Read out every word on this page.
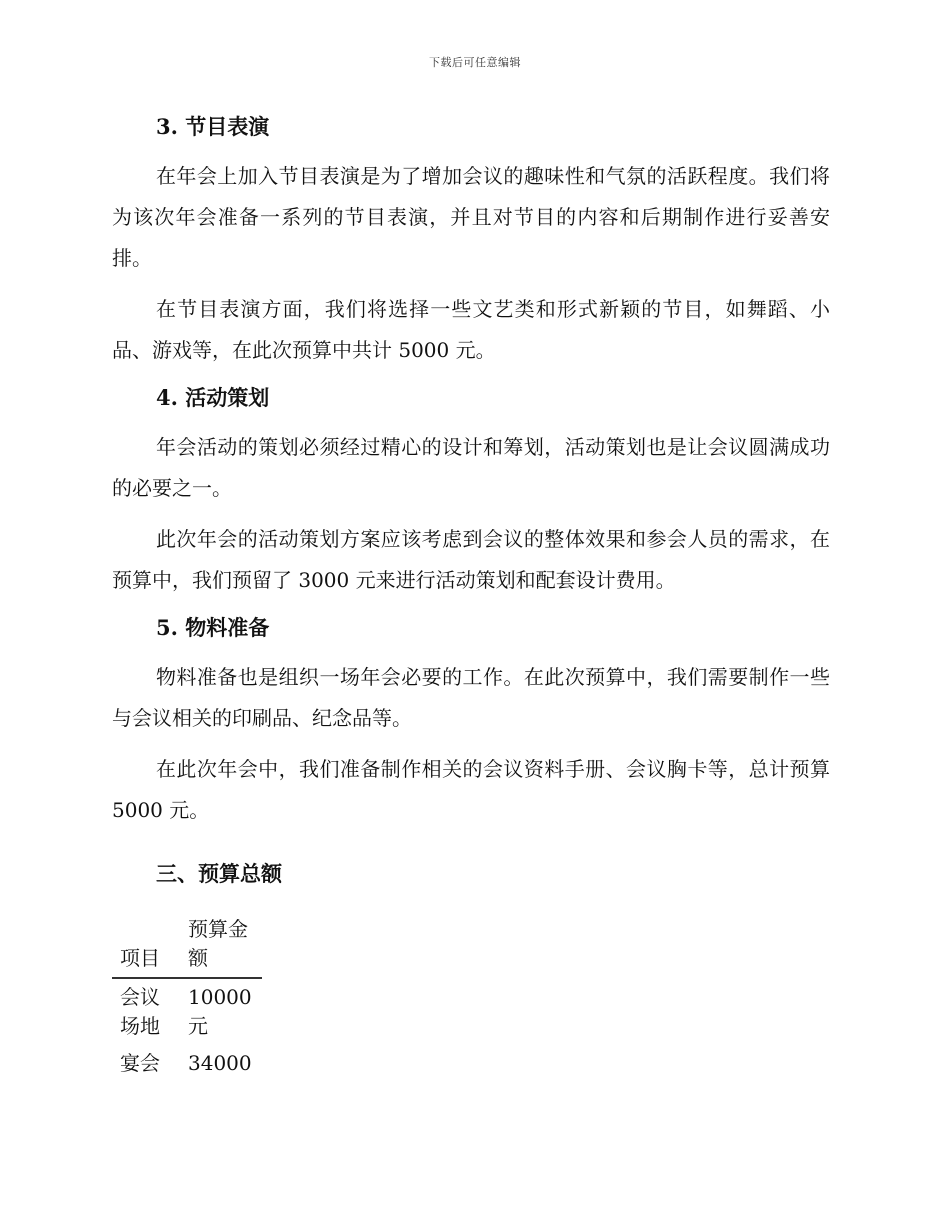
下载后可任意编辑
3. 节目表演
在年会上加入节目表演是为了增加会议的趣味性和气氛的活跃程度。我们将为该次年会准备一系列的节目表演，并且对节目的内容和后期制作进行妥善安排。
在节目表演方面，我们将选择一些文艺类和形式新颖的节目，如舞蹈、小品、游戏等，在此次预算中共计 5000 元。
4. 活动策划
年会活动的策划必须经过精心的设计和筹划，活动策划也是让会议圆满成功的必要之一。
此次年会的活动策划方案应该考虑到会议的整体效果和参会人员的需求，在预算中，我们预留了 3000 元来进行活动策划和配套设计费用。
5. 物料准备
物料准备也是组织一场年会必要的工作。在此次预算中，我们需要制作一些与会议相关的印刷品、纪念品等。
在此次年会中，我们准备制作相关的会议资料手册、会议胸卡等，总计预算 5000 元。
三、预算总额
项目	预算金额
会议场地	10000元
宴会	34000
